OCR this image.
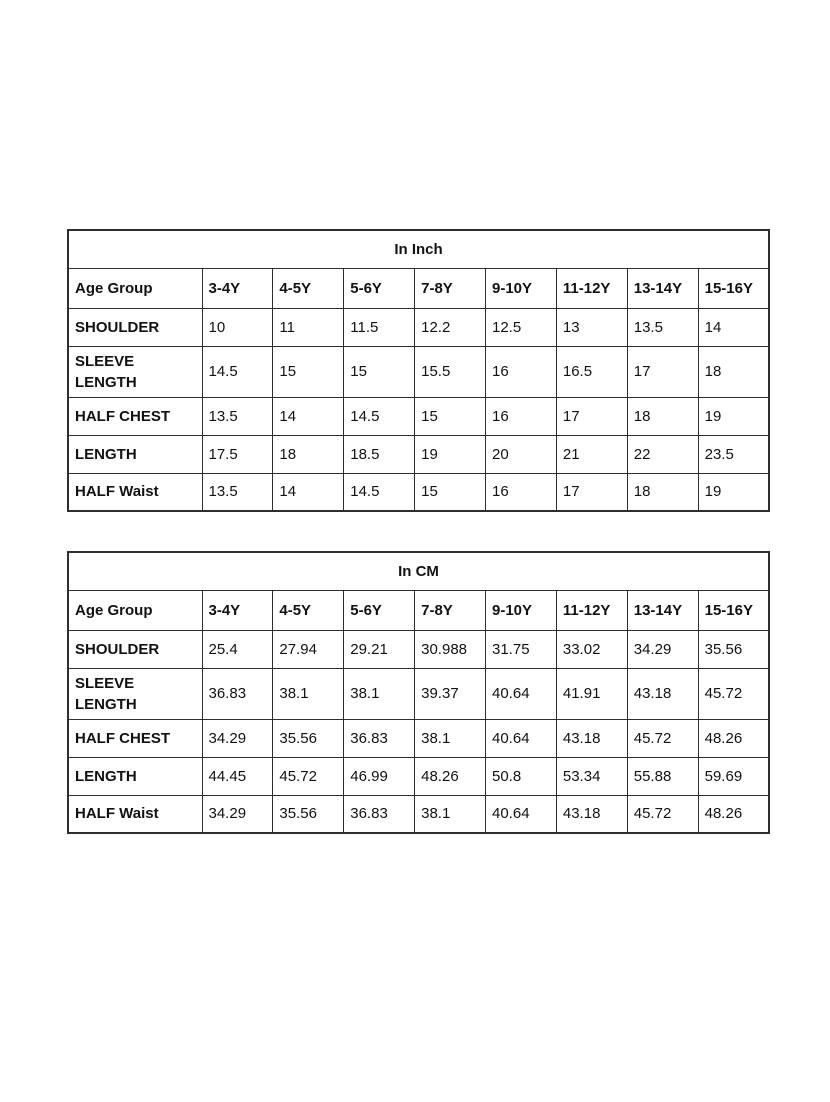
In Inch								
Age Group	3-4Y	4-5Y	5-6Y	7-8Y	9-10Y	11-12Y	13-14Y	15-16Y
SHOULDER	10	11	11.5	12.2	12.5	13	13.5	14
SLEEVE LENGTH	14.5	15	15	15.5	16	16.5	17	18
HALF CHEST	13.5	14	14.5	15	16	17	18	19
LENGTH	17.5	18	18.5	19	20	21	22	23.5
HALF Waist	13.5	14	14.5	15	16	17	18	19
In CM								
Age Group	3-4Y	4-5Y	5-6Y	7-8Y	9-10Y	11-12Y	13-14Y	15-16Y
SHOULDER	25.4	27.94	29.21	30.988	31.75	33.02	34.29	35.56
SLEEVE LENGTH	36.83	38.1	38.1	39.37	40.64	41.91	43.18	45.72
HALF CHEST	34.29	35.56	36.83	38.1	40.64	43.18	45.72	48.26
LENGTH	44.45	45.72	46.99	48.26	50.8	53.34	55.88	59.69
HALF Waist	34.29	35.56	36.83	38.1	40.64	43.18	45.72	48.26
